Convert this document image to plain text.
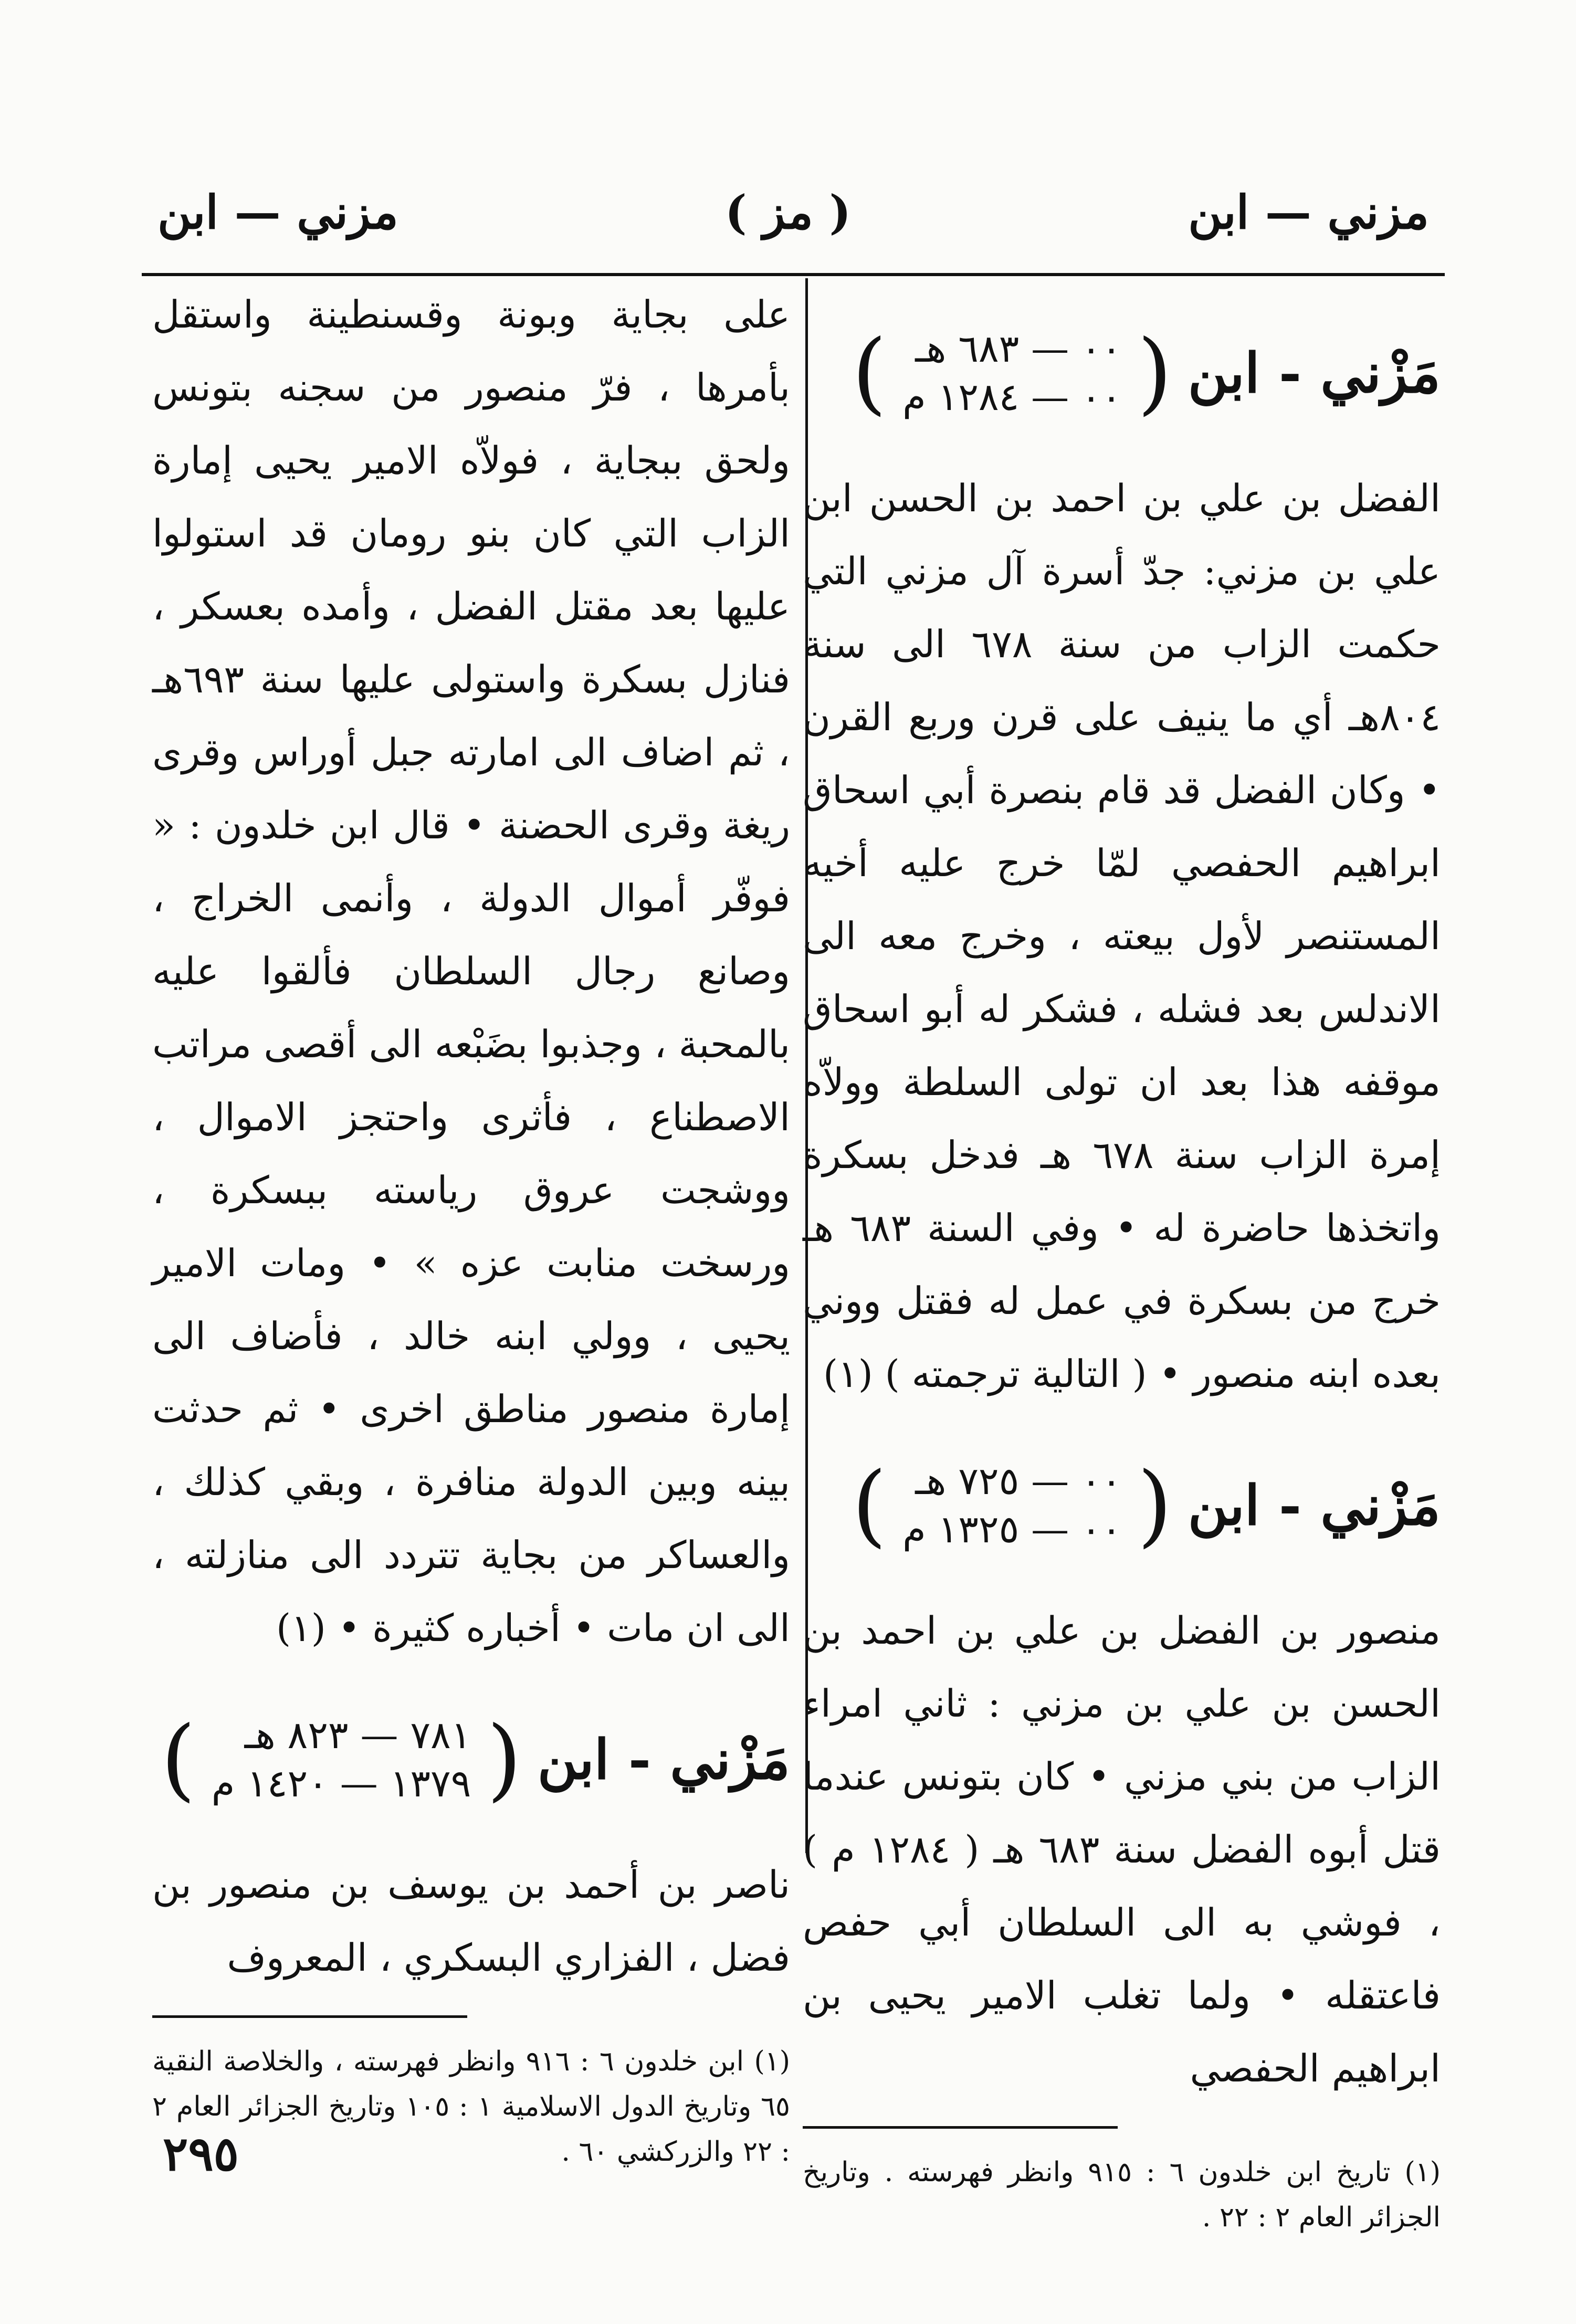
مزني — ابن
( مز )
مزني — ابن
مَزْني - ابن
(
٠٠ — ٦٨٣ هـ
٠٠ — ١٢٨٤ م
)

الفضل بن علي بن احمد بن الحسن ابن علي بن مزني: جدّ أسرة آل مزني التي حكمت الزاب من سنة ٦٧٨ الى سنة ٨٠٤هـ أي ما ينيف على قرن وربع القرن • وكان الفضل قد قام بنصرة أبي اسحاق ابراهيم الحفصي لمّا خرج عليه أخيه المستنصر لأول بيعته ، وخرج معه الى الاندلس بعد فشله ، فشكر له أبو اسحاق موقفه هذا بعد ان تولى السلطة وولاّه إمرة الزاب سنة ٦٧٨ هـ فدخل بسكرة واتخذها حاضرة له • وفي السنة ٦٨٣ هـ خرج من بسكرة في عمل له فقتل ووني بعده ابنه منصور • ( التالية ترجمته ) (١)

مَزْني - ابن
(
٠٠ — ٧٢٥ هـ
٠٠ — ١٣٢٥ م
)

منصور بن الفضل بن علي بن احمد بن الحسن بن علي بن مزني : ثاني امراء الزاب من بني مزني • كان بتونس عندما قتل أبوه الفضل سنة ٦٨٣ هـ ( ١٢٨٤ م ) ، فوشي به الى السلطان أبي حفص فاعتقله • ولما تغلب الامير يحيى بن ابراهيم الحفصي

(١) تاريخ ابن خلدون ٦ : ٩١٥ وانظر فهرسته . وتاريخ الجزائر العام ٢ : ٢٢ .

على بجاية وبونة وقسنطينة واستقل بأمرها ، فرّ منصور من سجنه بتونس ولحق ببجاية ، فولاّه الامير يحيى إمارة الزاب التي كان بنو رومان قد استولوا عليها بعد مقتل الفضل ، وأمده بعسكر ، فنازل بسكرة واستولى عليها سنة ٦٩٣هـ ، ثم اضاف الى امارته جبل أوراس وقرى ريغة وقرى الحضنة • قال ابن خلدون : « فوفّر أموال الدولة ، وأنمى الخراج ، وصانع رجال السلطان فألقوا عليه بالمحبة ، وجذبوا بضَبْعه الى أقصى مراتب الاصطناع ، فأثرى واحتجز الاموال ، ووشجت عروق رياسته ببسكرة ، ورسخت منابت عزه » • ومات الامير يحيى ، وولي ابنه خالد ، فأضاف الى إمارة منصور مناطق اخرى • ثم حدثت بينه وبين الدولة منافرة ، وبقي كذلك ، والعساكر من بجاية تتردد الى منازلته ، الى ان مات • أخباره كثيرة • (١)

مَزْني - ابن
(
٧٨١ — ٨٢٣ هـ
١٣٧٩ — ١٤٢٠ م
)

ناصر بن أحمد بن يوسف بن منصور بن فضل ، الفزاري البسكري ، المعروف

(١) ابن خلدون ٦ : ٩١٦ وانظر فهرسته ، والخلاصة النقية ٦٥ وتاريخ الدول الاسلامية ١ : ١٠٥ وتاريخ الجزائر العام ٢ : ٢٢ والزركشي ٦٠ .

٢٩٥
